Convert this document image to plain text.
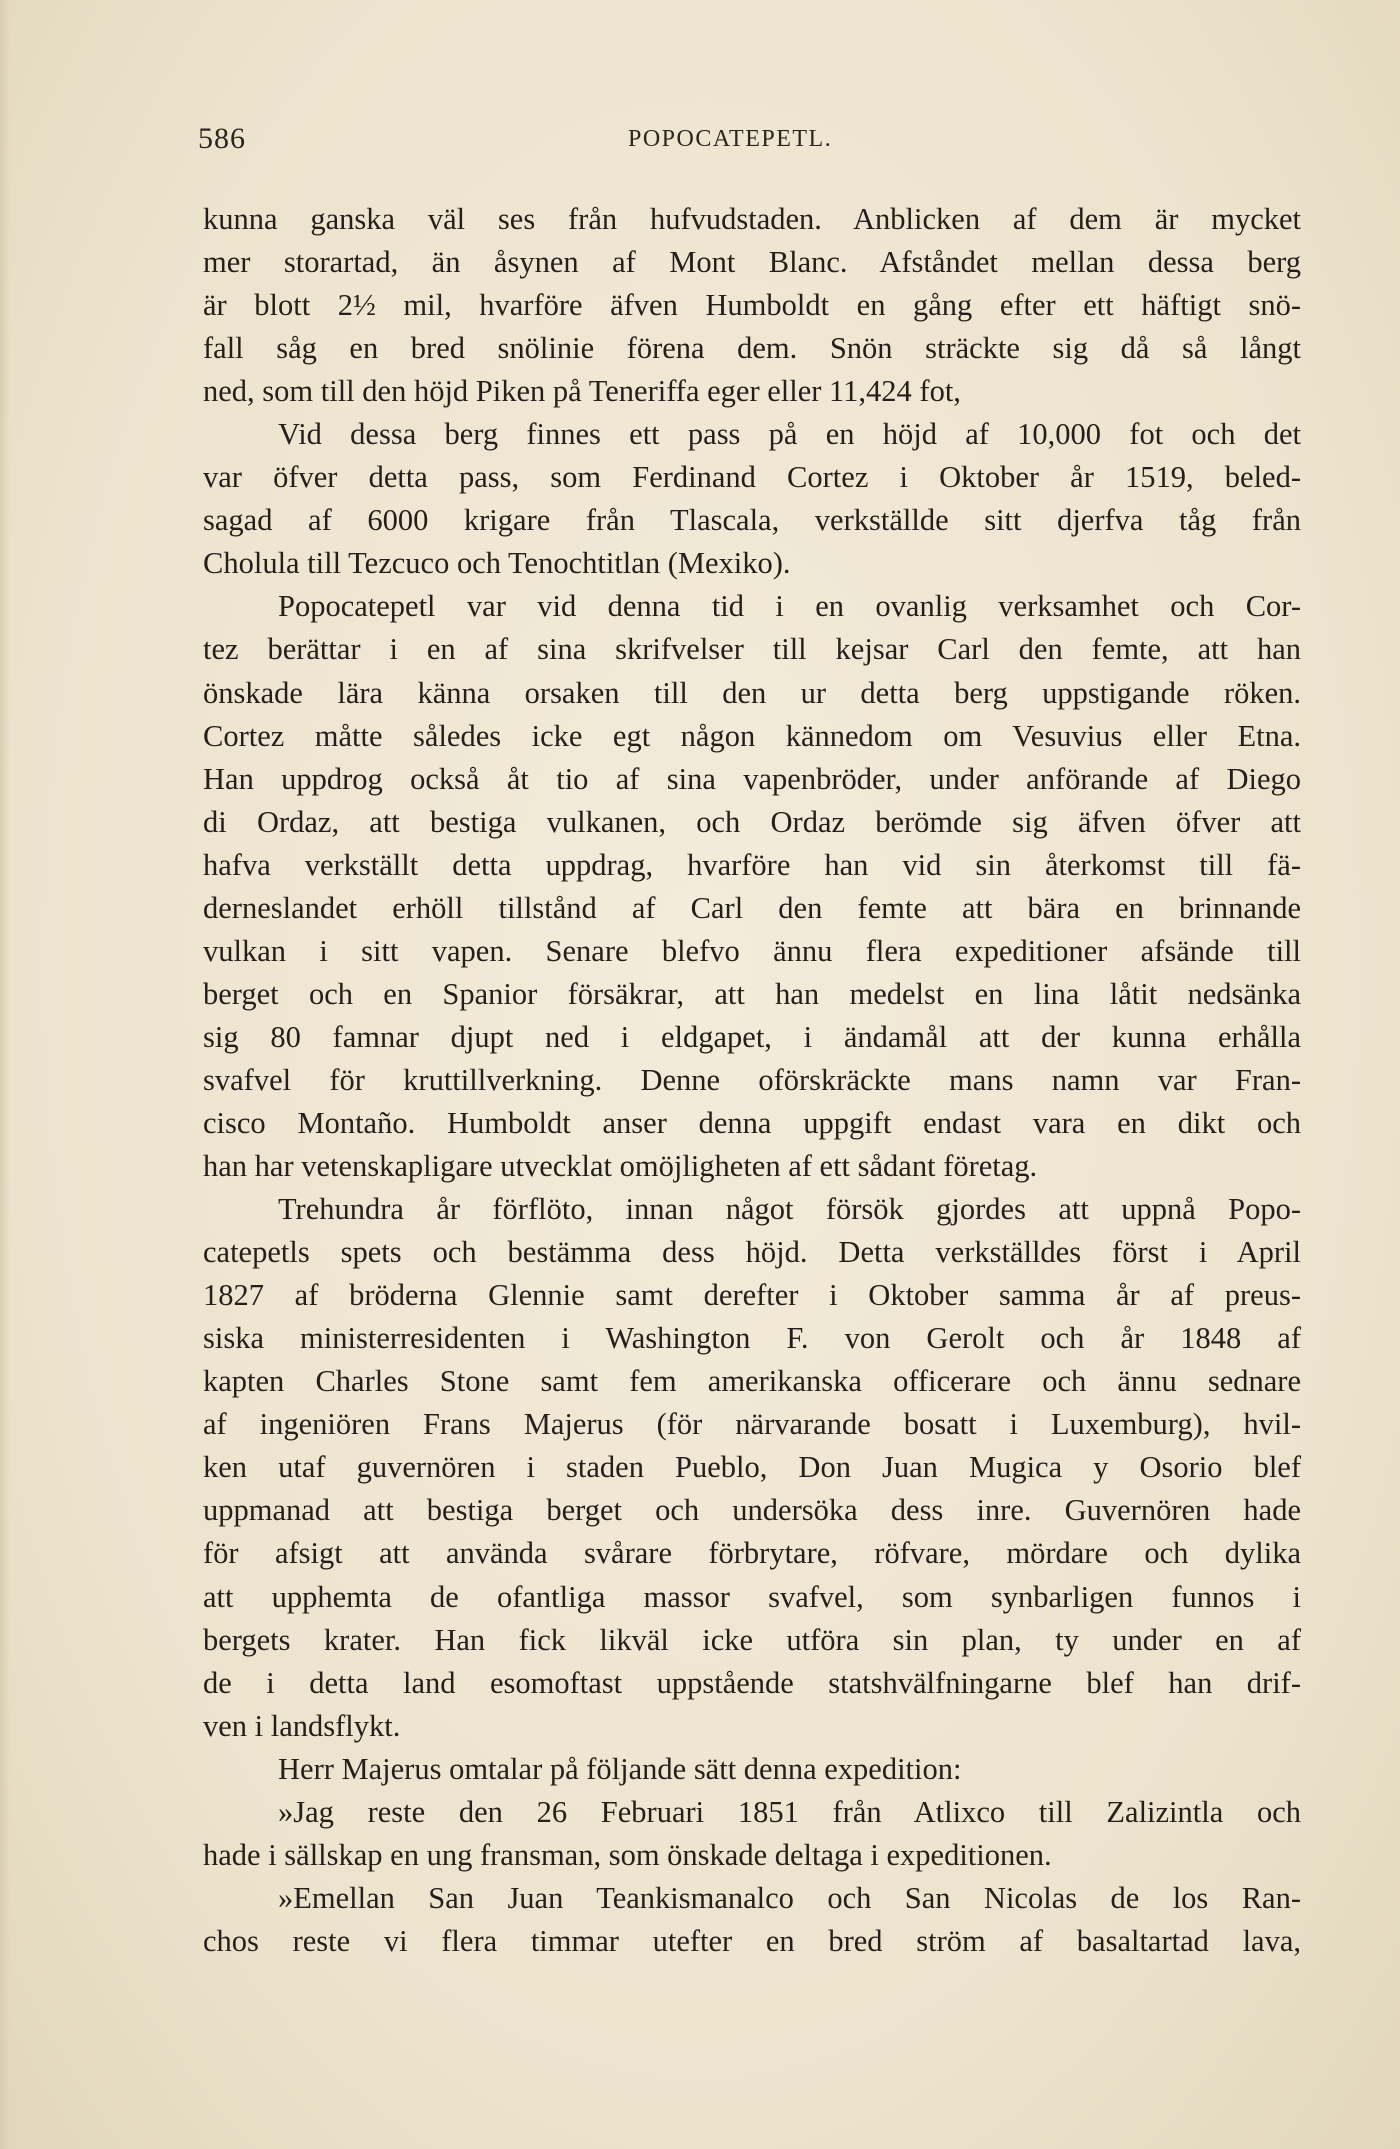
586	POPOCATEPETL.
kunna ganska väl ses från hufvudstaden. Anblicken af dem är mycket
mer storartad, än åsynen af Mont Blanc. Afståndet mellan dessa berg
är blott 2½ mil, hvarföre äfven Humboldt en gång efter ett häftigt snö-
fall såg en bred snölinie förena dem. Snön sträckte sig då så långt
ned, som till den höjd Piken på Teneriffa eger eller 11,424 fot,
Vid dessa berg finnes ett pass på en höjd af 10,000 fot och det
var öfver detta pass, som Ferdinand Cortez i Oktober år 1519, beled-
sagad af 6000 krigare från Tlascala, verkställde sitt djerfva tåg från
Cholula till Tezcuco och Tenochtitlan (Mexiko).
Popocatepetl var vid denna tid i en ovanlig verksamhet och Cor-
tez berättar i en af sina skrifvelser till kejsar Carl den femte, att han
önskade lära känna orsaken till den ur detta berg uppstigande röken.
Cortez måtte således icke egt någon kännedom om Vesuvius eller Etna.
Han uppdrog också åt tio af sina vapenbröder, under anförande af Diego
di Ordaz, att bestiga vulkanen, och Ordaz berömde sig äfven öfver att
hafva verkställt detta uppdrag, hvarföre han vid sin återkomst till fä-
derneslandet erhöll tillstånd af Carl den femte att bära en brinnande
vulkan i sitt vapen. Senare blefvo ännu flera expeditioner afsände till
berget och en Spanior försäkrar, att han medelst en lina låtit nedsänka
sig 80 famnar djupt ned i eldgapet, i ändamål att der kunna erhålla
svafvel för kruttillverkning. Denne oförskräckte mans namn var Fran-
cisco Montaño. Humboldt anser denna uppgift endast vara en dikt och
han har vetenskapligare utvecklat omöjligheten af ett sådant företag.
Trehundra år förflöto, innan något försök gjordes att uppnå Popo-
catepetls spets och bestämma dess höjd. Detta verkställdes först i April
1827 af bröderna Glennie samt derefter i Oktober samma år af preus-
siska ministerresidenten i Washington F. von Gerolt och år 1848 af
kapten Charles Stone samt fem amerikanska officerare och ännu sednare
af ingeniören Frans Majerus (för närvarande bosatt i Luxemburg), hvil-
ken utaf guvernören i staden Pueblo, Don Juan Mugica y Osorio blef
uppmanad att bestiga berget och undersöka dess inre. Guvernören hade
för afsigt att använda svårare förbrytare, röfvare, mördare och dylika
att upphemta de ofantliga massor svafvel, som synbarligen funnos i
bergets krater. Han fick likväl icke utföra sin plan, ty under en af
de i detta land esomoftast uppstående statshvälfningarne blef han drif-
ven i landsflykt.
Herr Majerus omtalar på följande sätt denna expedition:
»Jag reste den 26 Februari 1851 från Atlixco till Zalizintla och
hade i sällskap en ung fransman, som önskade deltaga i expeditionen.
»Emellan San Juan Teankismanalco och San Nicolas de los Ran-
chos reste vi flera timmar utefter en bred ström af basaltartad lava,
